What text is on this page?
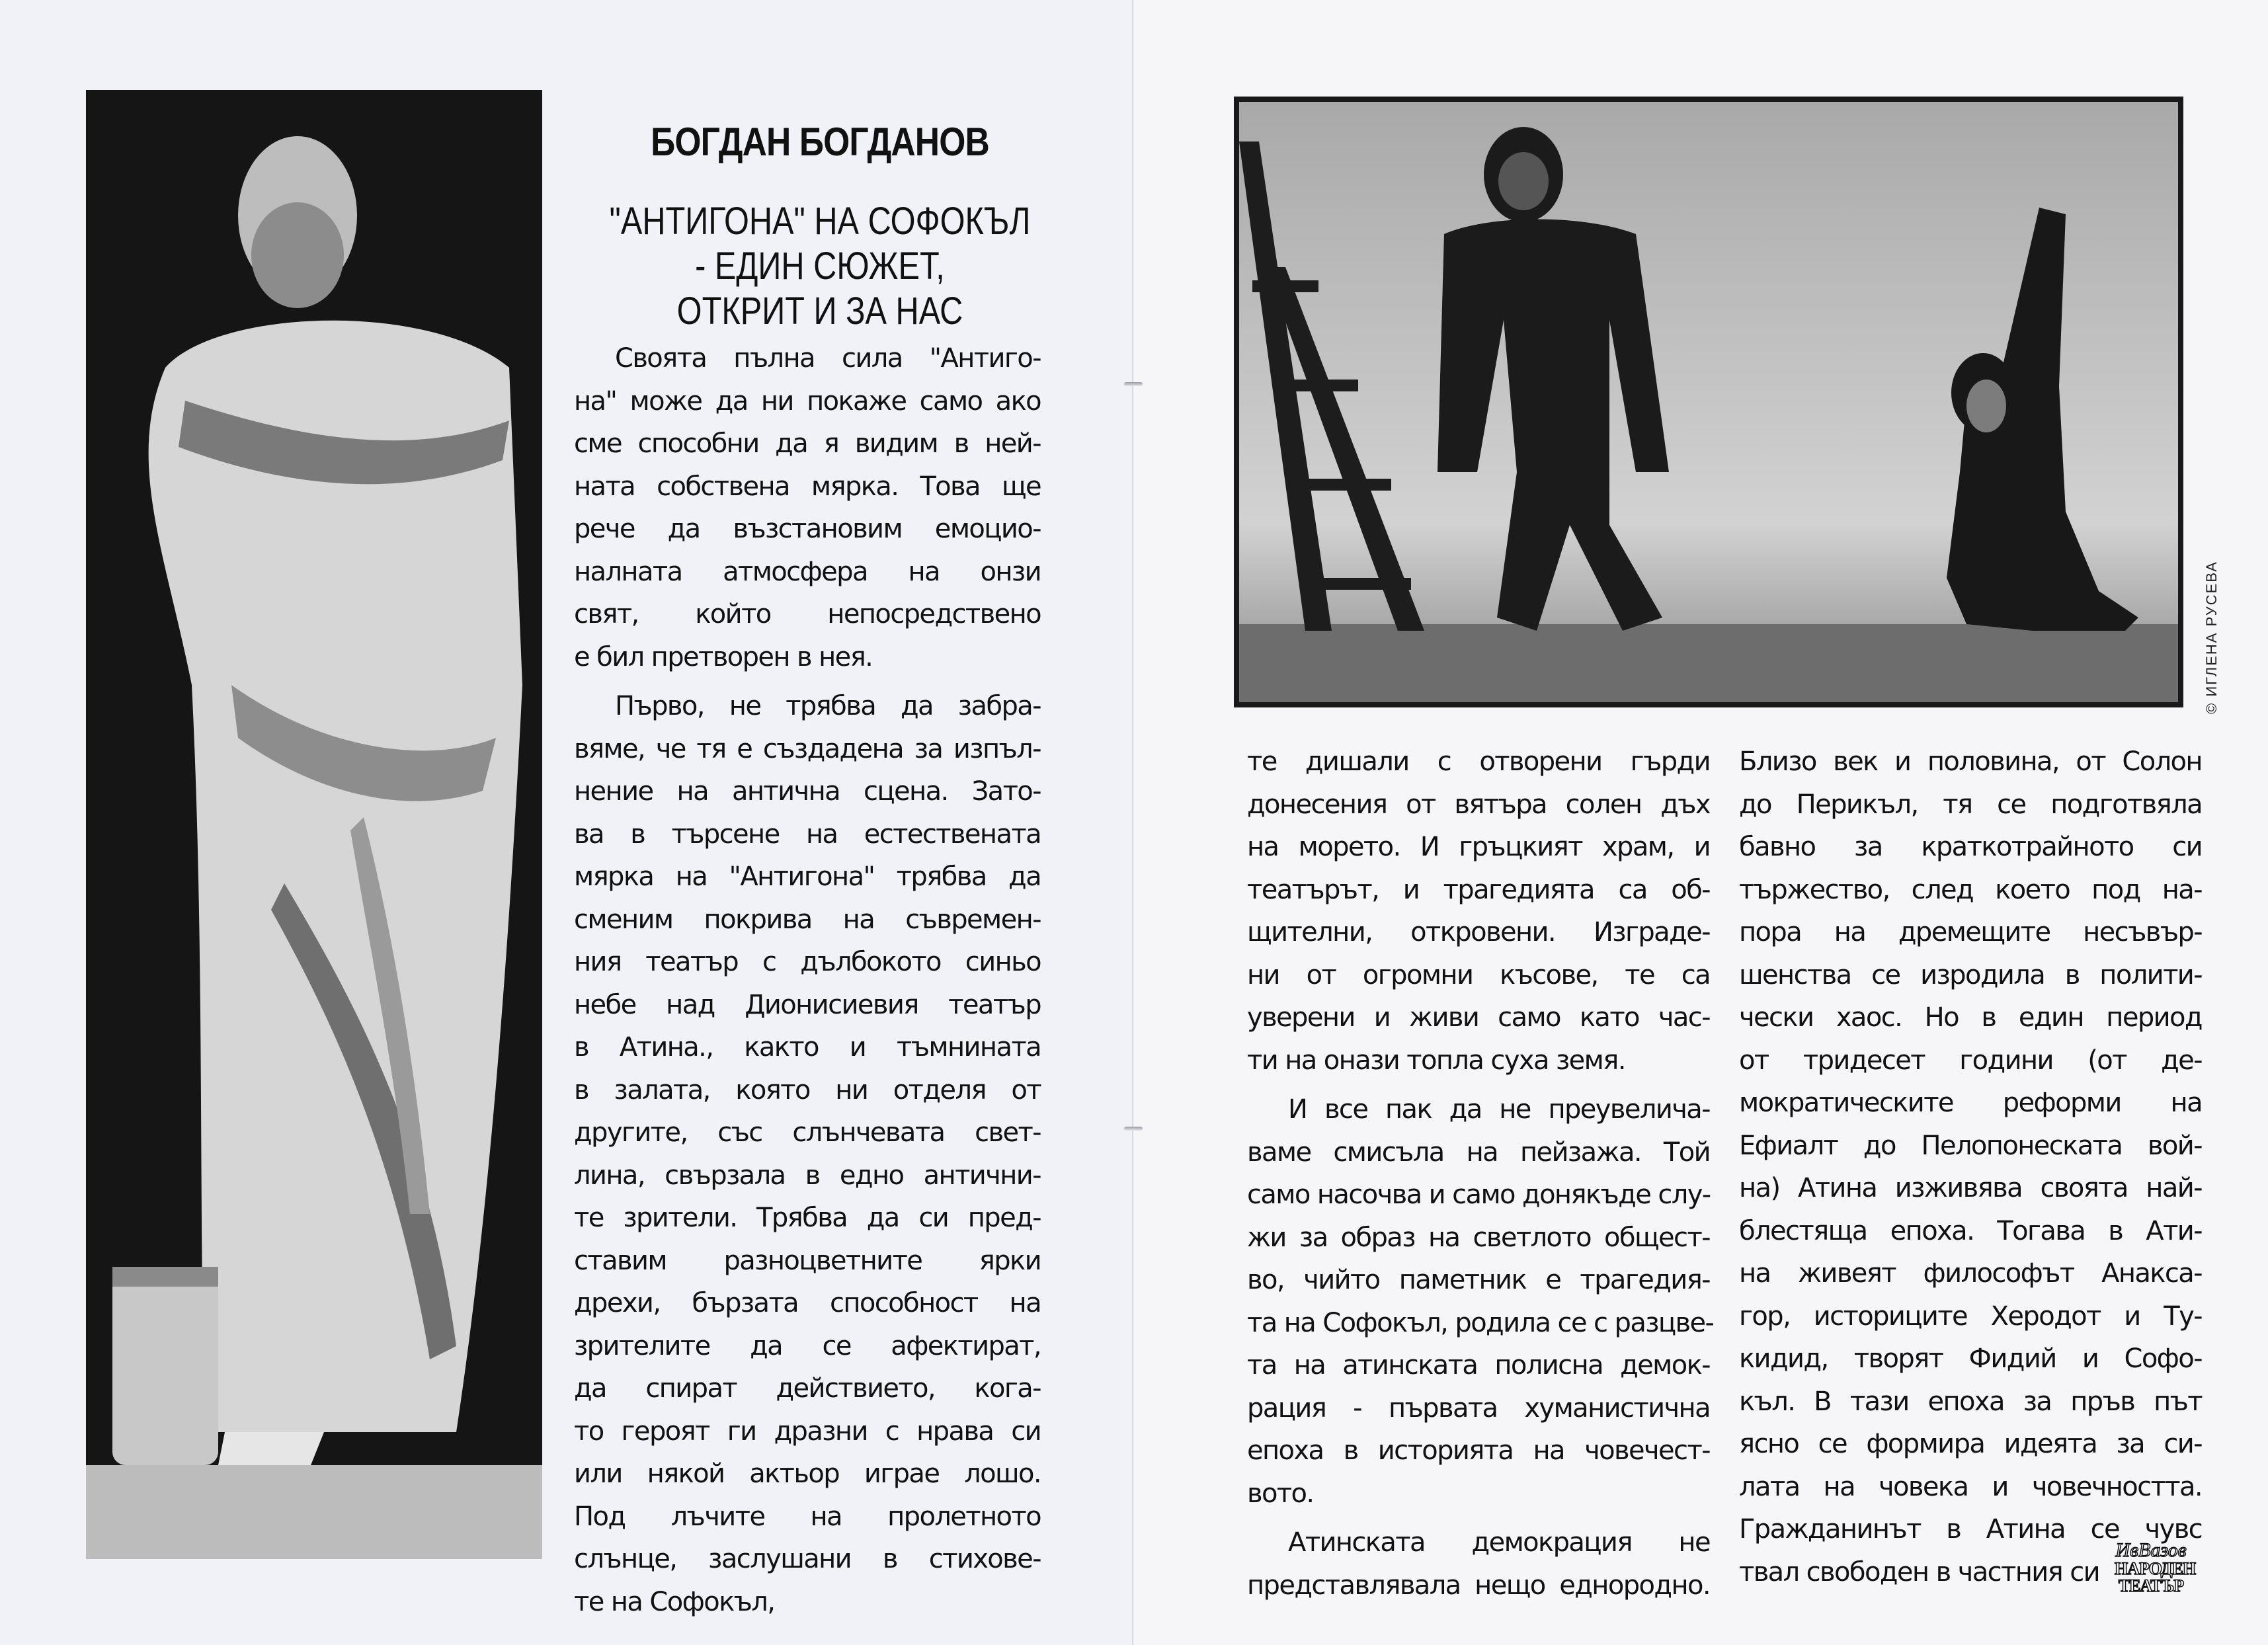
БОГДАН БОГДАНОВ
"АНТИГОНА" НА СОФОКЪЛ
- ЕДИН СЮЖЕТ,
ОТКРИТ И ЗА НАС
Своята пълна сила "Антиго-
на" може да ни покаже само ако
сме способни да я видим в ней-
ната собствена мярка. Това ще
рече да възстановим емоцио-
налната атмосфера на онзи
свят, който непосредствено
е бил претворен в нея.
Първо, не трябва да забра-
вяме, че тя е създадена за изпъл-
нение на антична сцена. Зато-
ва в търсене на естествената
мярка на "Антигона" трябва да
сменим покрива на съвремен-
ния театър с дълбокото синьо
небе над Дионисиевия театър
в Атина., както и тъмнината
в залата, която ни отделя от
другите, със слънчевата свет-
лина, свързала в едно антични-
те зрители. Трябва да си пред-
ставим разноцветните ярки
дрехи, бързата способност на
зрителите да се афектират,
да спират действието, кога-
то героят ги дразни с нрава си
или някой актьор играе лошо.
Под лъчите на пролетното
слънце, заслушани в стихове-
те на Софокъл,
© ИГЛЕНА РУСЕВА
те дишали с отворени гърди
донесения от вятъра солен дъх
на морето. И гръцкият храм, и
театърът, и трагедията са об-
щителни, откровени. Изграде-
ни от огромни късове, те са
уверени и живи само като час-
ти на онази топла суха земя.
И все пак да не преувелича-
ваме смисъла на пейзажа. Той
само насочва и само донякъде слу-
жи за образ на светлото общест-
во, чийто паметник е трагедия-
та на Софокъл, родила се с разцве-
та на атинската полисна демок-
рация - първата хуманистична
епоха в историята на човечест-
вото.
Атинската демокрация не
представлявала нещо еднородно.
Близо век и половина, от Солон
до Перикъл, тя се подготвяла
бавно за краткотрайното си
тържество, след което под на-
пора на дремещите несъвър-
шенства се изродила в полити-
чески хаос. Но в един период
от тридесет години (от де-
мократическите реформи на
Ефиалт до Пелопонеската вой-
на) Атина изживява своята най-
блестяща епоха. Тогава в Ати-
на живеят философът Анакса-
гор, историците Херодот и Ту-
кидид, творят Фидий и Софо-
къл. В тази епоха за пръв път
ясно се формира идеята за си-
лата на човека и човечността.
Гражданинът в Атина се чувс
твал свободен в частния си
ИвВазов
НАРОДЕН
ТЕАТЪР
